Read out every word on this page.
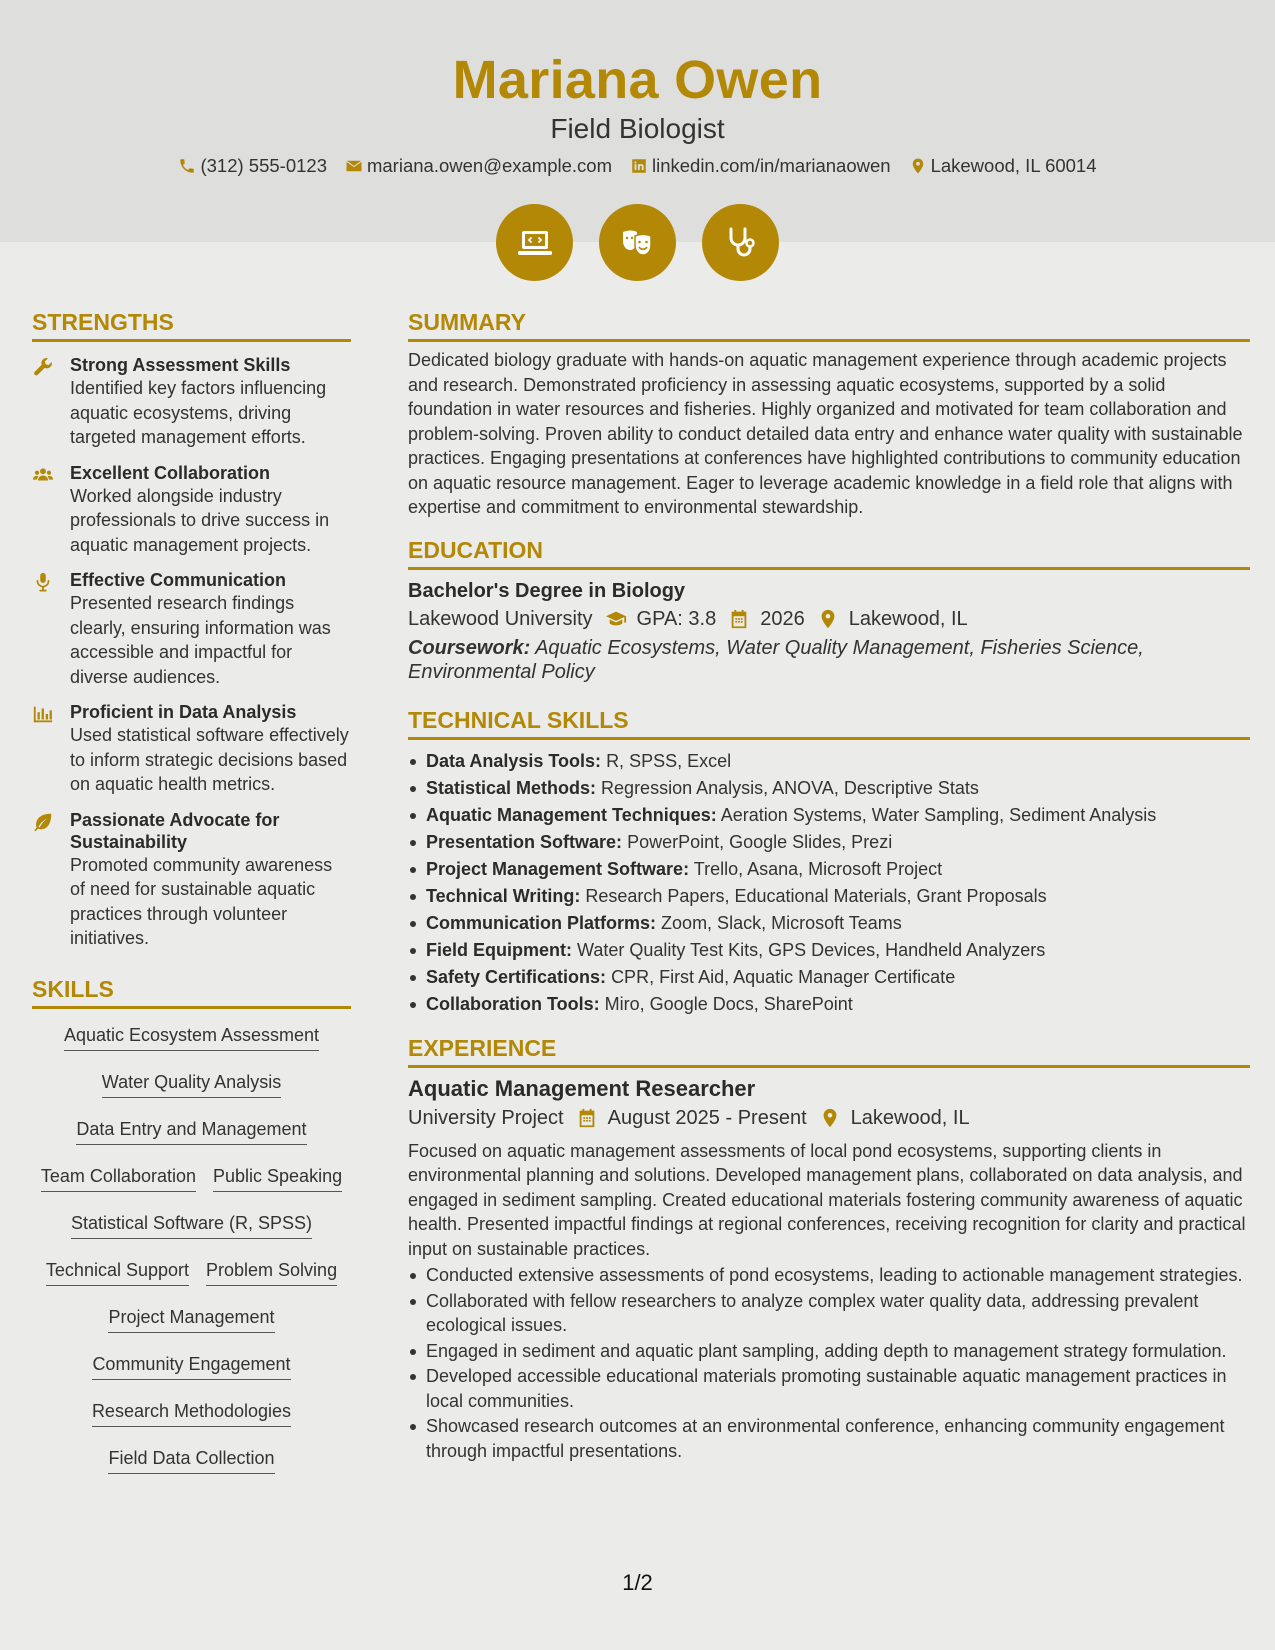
Mariana Owen
Field Biologist
(312) 555-0123 mariana.owen@example.com linkedin.com/in/marianaowen Lakewood, IL 60014
STRENGTHS
Strong Assessment Skills
Identified key factors influencing aquatic ecosystems, driving targeted management efforts.
Excellent Collaboration
Worked alongside industry professionals to drive success in aquatic management projects.
Effective Communication
Presented research findings clearly, ensuring information was accessible and impactful for diverse audiences.
Proficient in Data Analysis
Used statistical software effectively to inform strategic decisions based on aquatic health metrics.
Passionate Advocate for Sustainability
Promoted community awareness of need for sustainable aquatic practices through volunteer initiatives.
SKILLS
Aquatic Ecosystem Assessment
Water Quality Analysis
Data Entry and Management
Team Collaboration Public Speaking
Statistical Software (R, SPSS)
Technical Support Problem Solving
Project Management
Community Engagement
Research Methodologies
Field Data Collection
SUMMARY
Dedicated biology graduate with hands-on aquatic management experience through academic projects and research. Demonstrated proficiency in assessing aquatic ecosystems, supported by a solid foundation in water resources and fisheries. Highly organized and motivated for team collaboration and problem-solving. Proven ability to conduct detailed data entry and enhance water quality with sustainable practices. Engaging presentations at conferences have highlighted contributions to community education on aquatic resource management. Eager to leverage academic knowledge in a field role that aligns with expertise and commitment to environmental stewardship.
EDUCATION
Bachelor's Degree in Biology
Lakewood University GPA: 3.8 2026 Lakewood, IL
Coursework: Aquatic Ecosystems, Water Quality Management, Fisheries Science, Environmental Policy
TECHNICAL SKILLS
Data Analysis Tools: R, SPSS, Excel
Statistical Methods: Regression Analysis, ANOVA, Descriptive Stats
Aquatic Management Techniques: Aeration Systems, Water Sampling, Sediment Analysis
Presentation Software: PowerPoint, Google Slides, Prezi
Project Management Software: Trello, Asana, Microsoft Project
Technical Writing: Research Papers, Educational Materials, Grant Proposals
Communication Platforms: Zoom, Slack, Microsoft Teams
Field Equipment: Water Quality Test Kits, GPS Devices, Handheld Analyzers
Safety Certifications: CPR, First Aid, Aquatic Manager Certificate
Collaboration Tools: Miro, Google Docs, SharePoint
EXPERIENCE
Aquatic Management Researcher
University Project August 2025 - Present Lakewood, IL
Focused on aquatic management assessments of local pond ecosystems, supporting clients in environmental planning and solutions. Developed management plans, collaborated on data analysis, and engaged in sediment sampling. Created educational materials fostering community awareness of aquatic health. Presented impactful findings at regional conferences, receiving recognition for clarity and practical input on sustainable practices.
Conducted extensive assessments of pond ecosystems, leading to actionable management strategies.
Collaborated with fellow researchers to analyze complex water quality data, addressing prevalent ecological issues.
Engaged in sediment and aquatic plant sampling, adding depth to management strategy formulation.
Developed accessible educational materials promoting sustainable aquatic management practices in local communities.
Showcased research outcomes at an environmental conference, enhancing community engagement through impactful presentations.
1/2
